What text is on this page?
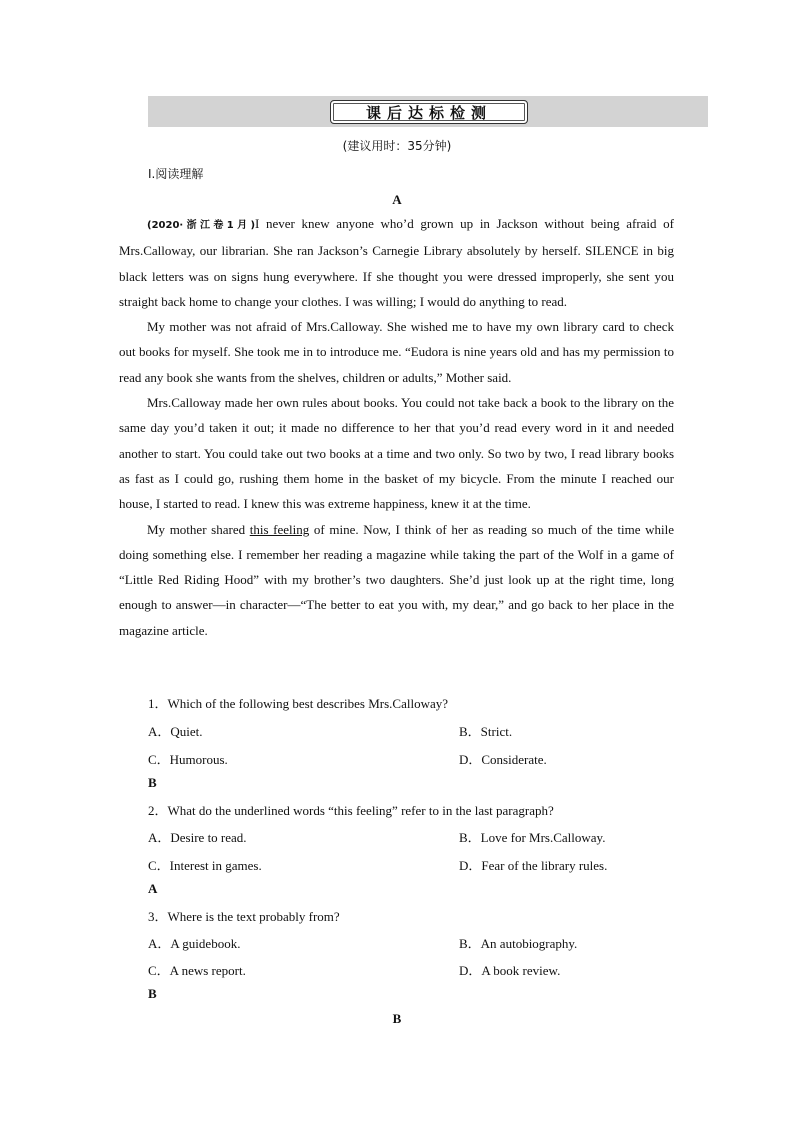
课后达标检测
(建议用时：35分钟)
Ⅰ.阅读理解
A

(2020·浙江卷1月)I never knew anyone who’d grown up in Jackson without being afraid of Mrs.Calloway, our librarian. She ran Jackson’s Carnegie Library absolutely by herself. SILENCE in big black letters was on signs hung everywhere. If she thought you were dressed improperly, she sent you straight back home to change your clothes. I was willing; I would do anything to read.

My mother was not afraid of Mrs.Calloway. She wished me to have my own library card to check out books for myself. She took me in to introduce me. “Eudora is nine years old and has my permission to read any book she wants from the shelves, children or adults,” Mother said.

Mrs.Calloway made her own rules about books. You could not take back a book to the library on the same day you’d taken it out; it made no difference to her that you’d read every word in it and needed another to start. You could take out two books at a time and two only. So two by two, I read library books as fast as I could go, rushing them home in the basket of my bicycle. From the minute I reached our house, I started to read. I knew this was extreme happiness, knew it at the time.

My mother shared this feeling of mine. Now, I think of her as reading so much of the time while doing something else. I remember her reading a magazine while taking the part of the Wolf in a game of “Little Red Riding Hood” with my brother’s two daughters. She’d just look up at the right time, long enough to answer—in character—“The better to eat you with, my dear,” and go back to her place in the magazine article.

1．Which of the following best describes Mrs.Calloway?
A．Quiet.	B．Strict.
C．Humorous.	D．Considerate.
B
2．What do the underlined words “this feeling” refer to in the last paragraph?
A．Desire to read.	B．Love for Mrs.Calloway.
C．Interest in games.	D．Fear of the library rules.
A
3．Where is the text probably from?
A．A guidebook.	B．An autobiography.
C．A news report.	D．A book review.
B
B
